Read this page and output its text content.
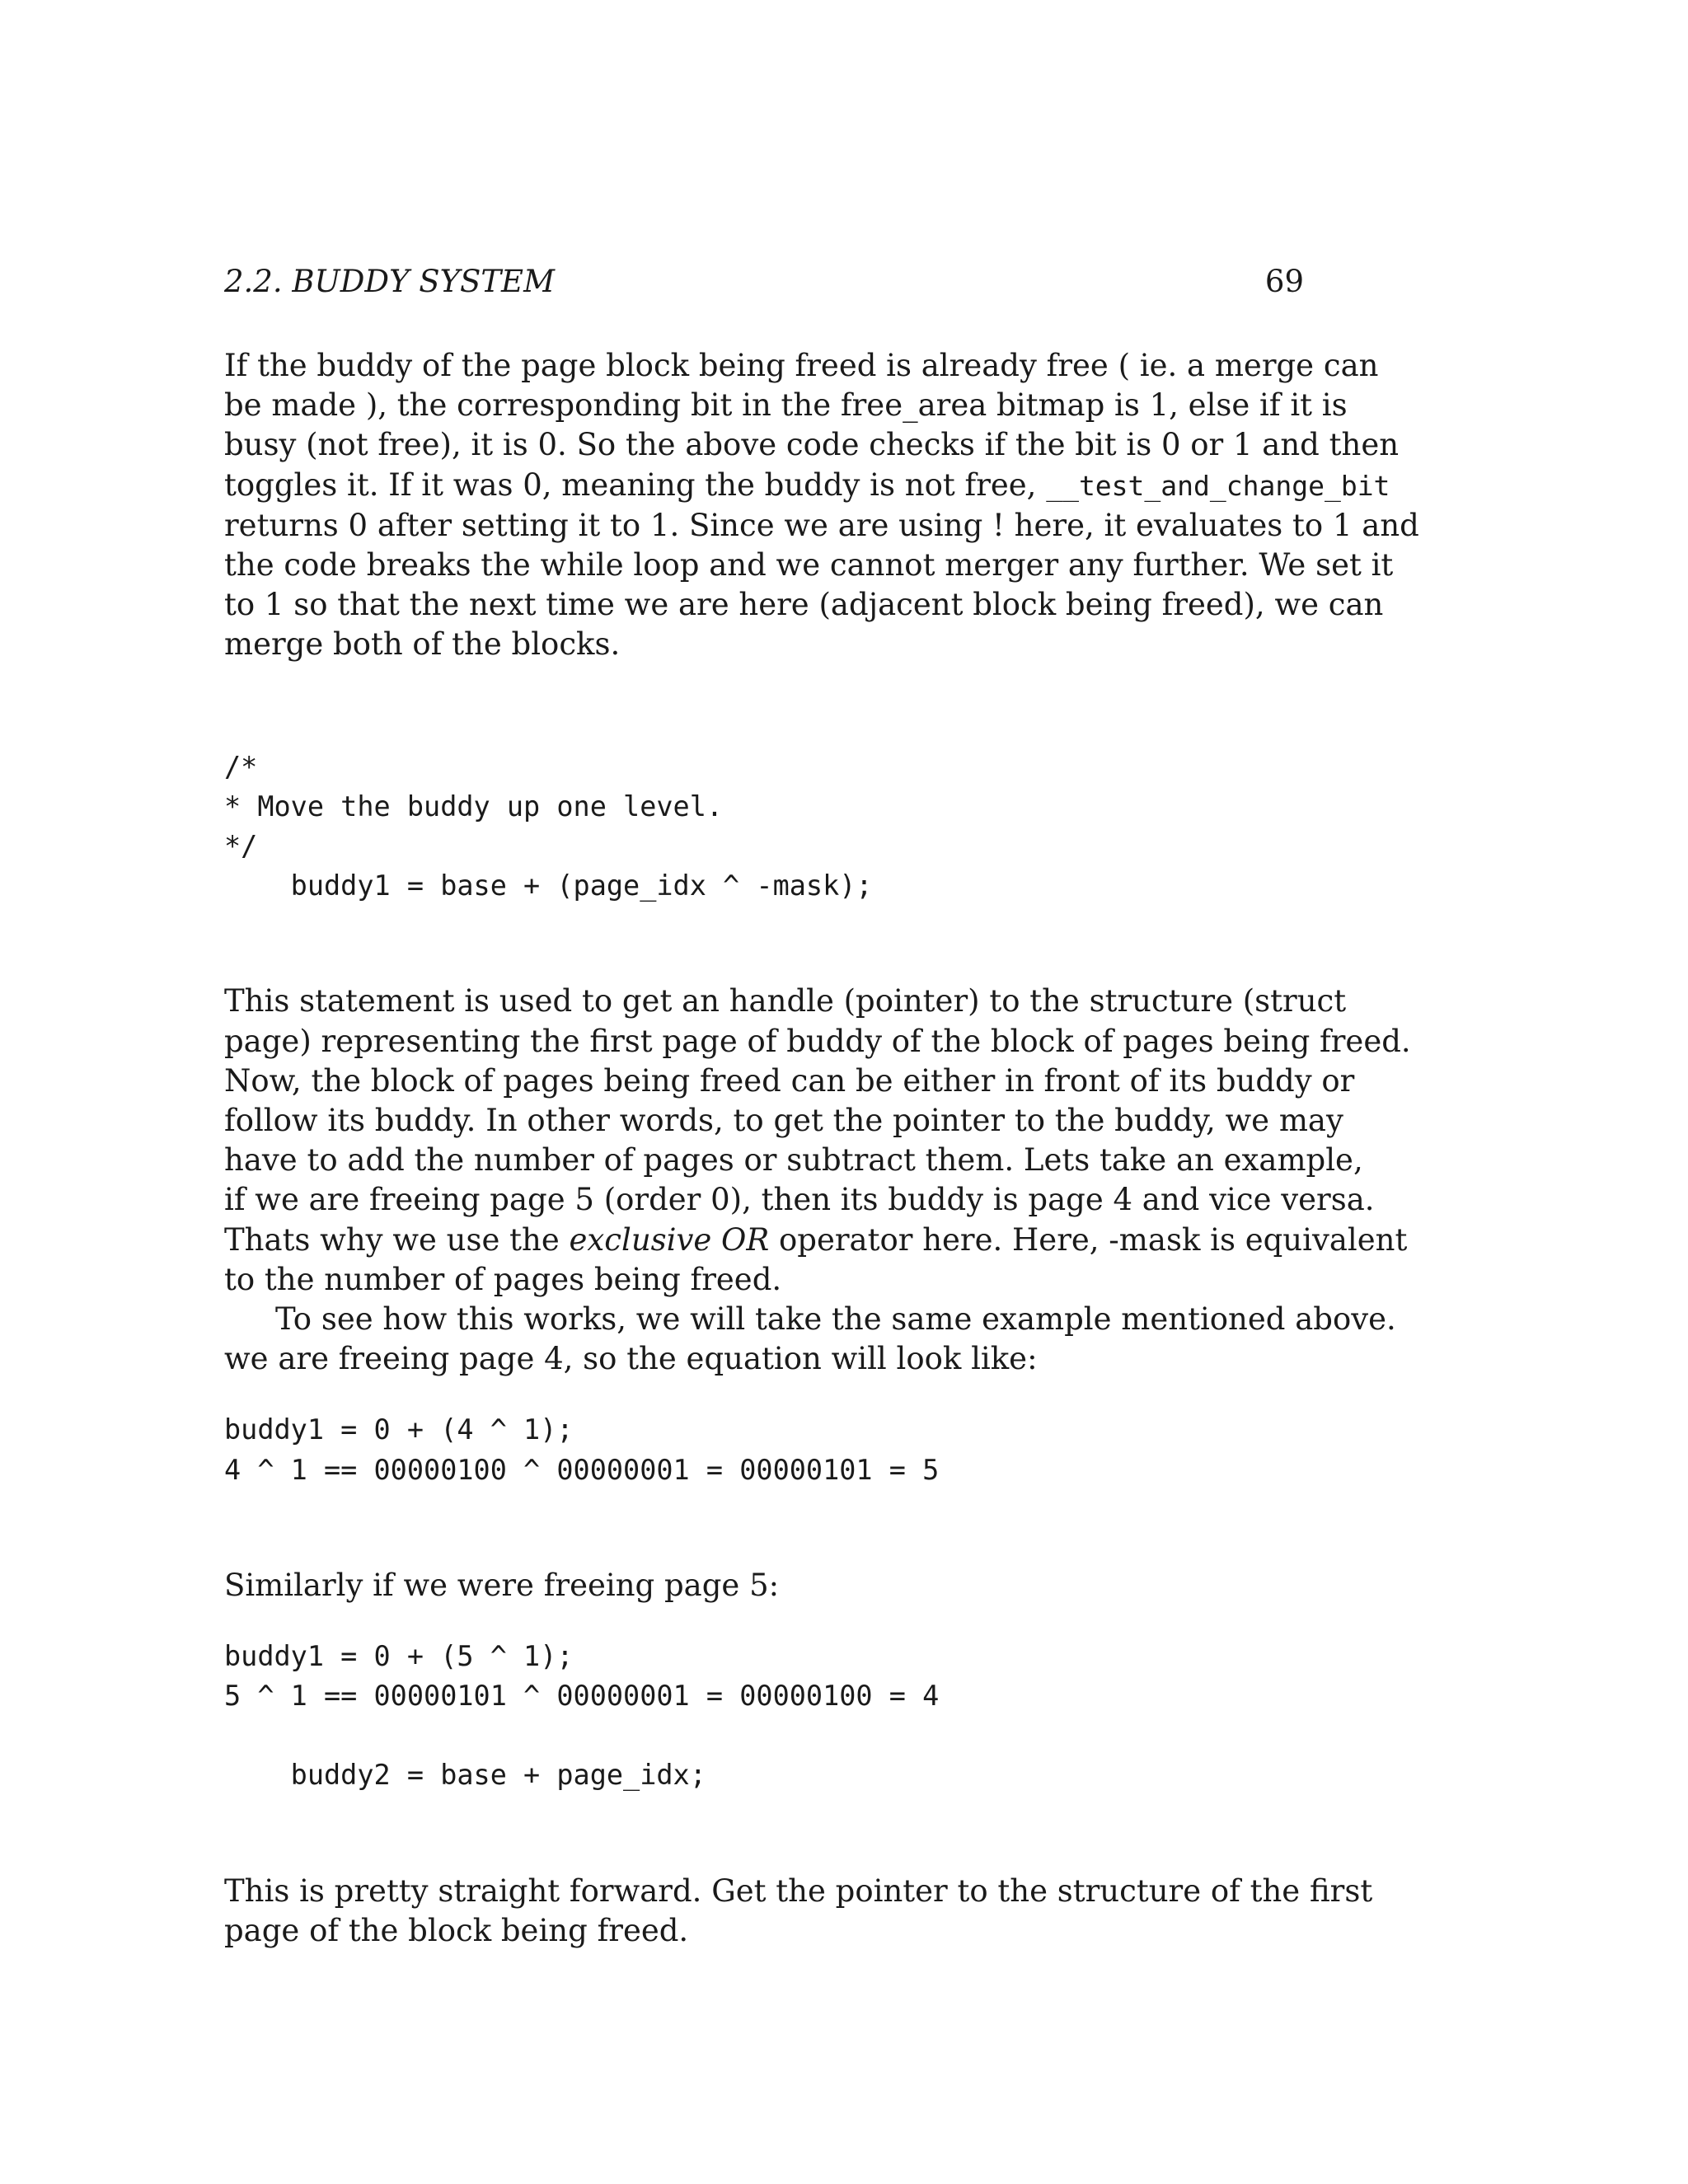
2.2. BUDDY SYSTEM	69
If the buddy of the page block being freed is already free ( ie. a merge can
be made ), the corresponding bit in the free_area bitmap is 1, else if it is
busy (not free), it is 0. So the above code checks if the bit is 0 or 1 and then
toggles it. If it was 0, meaning the buddy is not free, __test_and_change_bit
returns 0 after setting it to 1. Since we are using ! here, it evaluates to 1 and
the code breaks the while loop and we cannot merger any further. We set it
to 1 so that the next time we are here (adjacent block being freed), we can
merge both of the blocks.
/*
* Move the buddy up one level.
*/
buddy1 = base + (page_idx ^ -mask);
This statement is used to get an handle (pointer) to the structure (struct
page) representing the first page of buddy of the block of pages being freed.
Now, the block of pages being freed can be either in front of its buddy or
follow its buddy. In other words, to get the pointer to the buddy, we may
have to add the number of pages or subtract them. Lets take an example,
if we are freeing page 5 (order 0), then its buddy is page 4 and vice versa.
Thats why we use the exclusive OR operator here. Here, -mask is equivalent
to the number of pages being freed.
To see how this works, we will take the same example mentioned above.
we are freeing page 4, so the equation will look like:
buddy1 = 0 + (4 ^ 1);
4 ^ 1 == 00000100 ^ 00000001 = 00000101 = 5
Similarly if we were freeing page 5:
buddy1 = 0 + (5 ^ 1);
5 ^ 1 == 00000101 ^ 00000001 = 00000100 = 4
buddy2 = base + page_idx;
This is pretty straight forward. Get the pointer to the structure of the first
page of the block being freed.
